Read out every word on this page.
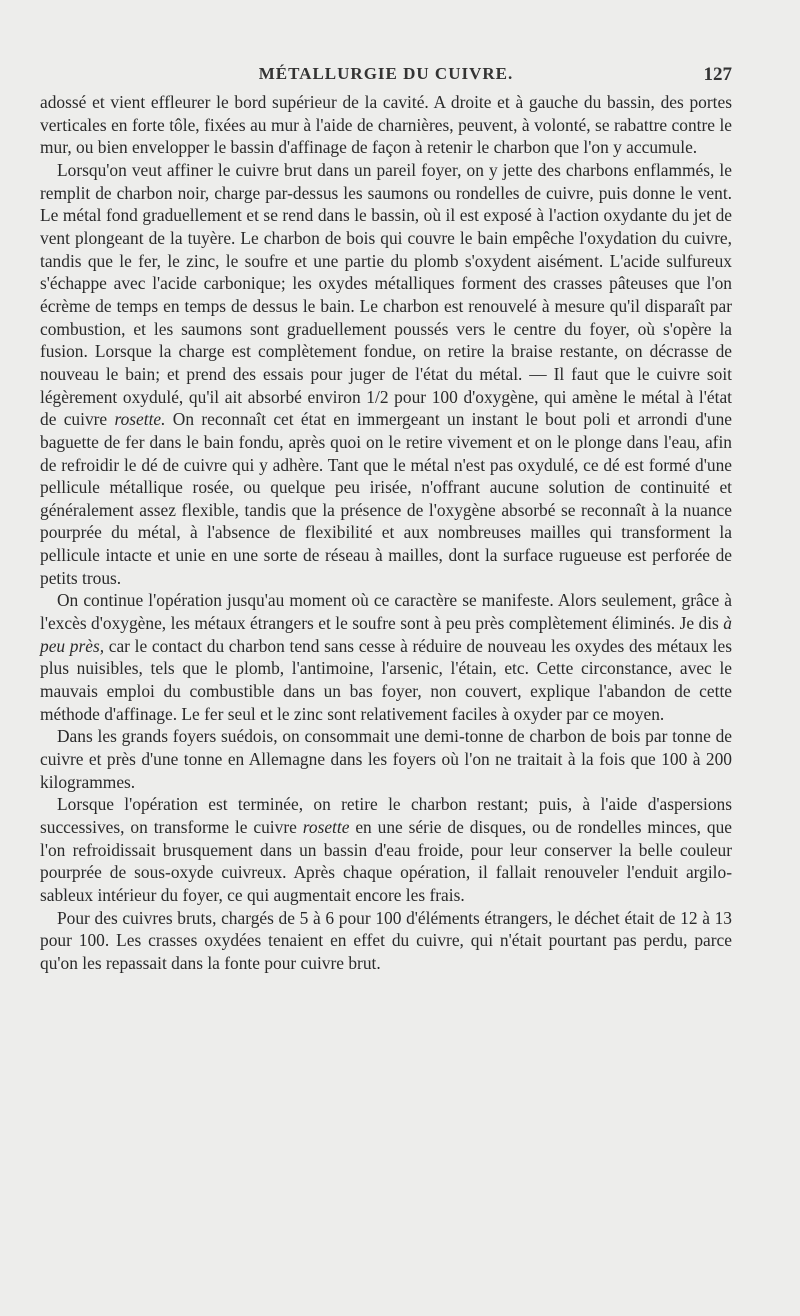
MÉTALLURGIE DU CUIVRE.	127

adossé et vient effleurer le bord supérieur de la cavité. A droite et à gauche du bassin, des portes verticales en forte tôle, fixées au mur à l'aide de charnières, peuvent, à volonté, se rabattre contre le mur, ou bien envelopper le bassin d'affinage de façon à retenir le charbon que l'on y accumule.

Lorsqu'on veut affiner le cuivre brut dans un pareil foyer, on y jette des charbons enflammés, le remplit de charbon noir, charge par-dessus les saumons ou rondelles de cuivre, puis donne le vent. Le métal fond graduellement et se rend dans le bassin, où il est exposé à l'action oxydante du jet de vent plongeant de la tuyère. Le charbon de bois qui couvre le bain empêche l'oxydation du cuivre, tandis que le fer, le zinc, le soufre et une partie du plomb s'oxydent aisément. L'acide sulfureux s'échappe avec l'acide carbonique; les oxydes métalliques forment des crasses pâteuses que l'on écrème de temps en temps de dessus le bain. Le charbon est renouvelé à mesure qu'il disparaît par combustion, et les saumons sont graduellement poussés vers le centre du foyer, où s'opère la fusion. Lorsque la charge est complètement fondue, on retire la braise restante, on décrasse de nouveau le bain; et prend des essais pour juger de l'état du métal. — Il faut que le cuivre soit légèrement oxydulé, qu'il ait absorbé environ 1/2 pour 100 d'oxygène, qui amène le métal à l'état de cuivre rosette. On reconnaît cet état en immergeant un instant le bout poli et arrondi d'une baguette de fer dans le bain fondu, après quoi on le retire vivement et on le plonge dans l'eau, afin de refroidir le dé de cuivre qui y adhère. Tant que le métal n'est pas oxydulé, ce dé est formé d'une pellicule métallique rosée, ou quelque peu irisée, n'offrant aucune solution de continuité et généralement assez flexible, tandis que la présence de l'oxygène absorbé se reconnaît à la nuance pourprée du métal, à l'absence de flexibilité et aux nombreuses mailles qui transforment la pellicule intacte et unie en une sorte de réseau à mailles, dont la surface rugueuse est perforée de petits trous.

On continue l'opération jusqu'au moment où ce caractère se manifeste. Alors seulement, grâce à l'excès d'oxygène, les métaux étrangers et le soufre sont à peu près complètement éliminés. Je dis à peu près, car le contact du charbon tend sans cesse à réduire de nouveau les oxydes des métaux les plus nuisibles, tels que le plomb, l'antimoine, l'arsenic, l'étain, etc. Cette circonstance, avec le mauvais emploi du combustible dans un bas foyer, non couvert, explique l'abandon de cette méthode d'affinage. Le fer seul et le zinc sont relativement faciles à oxyder par ce moyen.

Dans les grands foyers suédois, on consommait une demi-tonne de charbon de bois par tonne de cuivre et près d'une tonne en Allemagne dans les foyers où l'on ne traitait à la fois que 100 à 200 kilogrammes.

Lorsque l'opération est terminée, on retire le charbon restant; puis, à l'aide d'aspersions successives, on transforme le cuivre rosette en une série de disques, ou de rondelles minces, que l'on refroidissait brusquement dans un bassin d'eau froide, pour leur conserver la belle couleur pourprée de sous-oxyde cuivreux. Après chaque opération, il fallait renouveler l'enduit argilo-sableux intérieur du foyer, ce qui augmentait encore les frais.

Pour des cuivres bruts, chargés de 5 à 6 pour 100 d'éléments étrangers, le déchet était de 12 à 13 pour 100. Les crasses oxydées tenaient en effet du cuivre, qui n'était pourtant pas perdu, parce qu'on les repassait dans la fonte pour cuivre brut.
